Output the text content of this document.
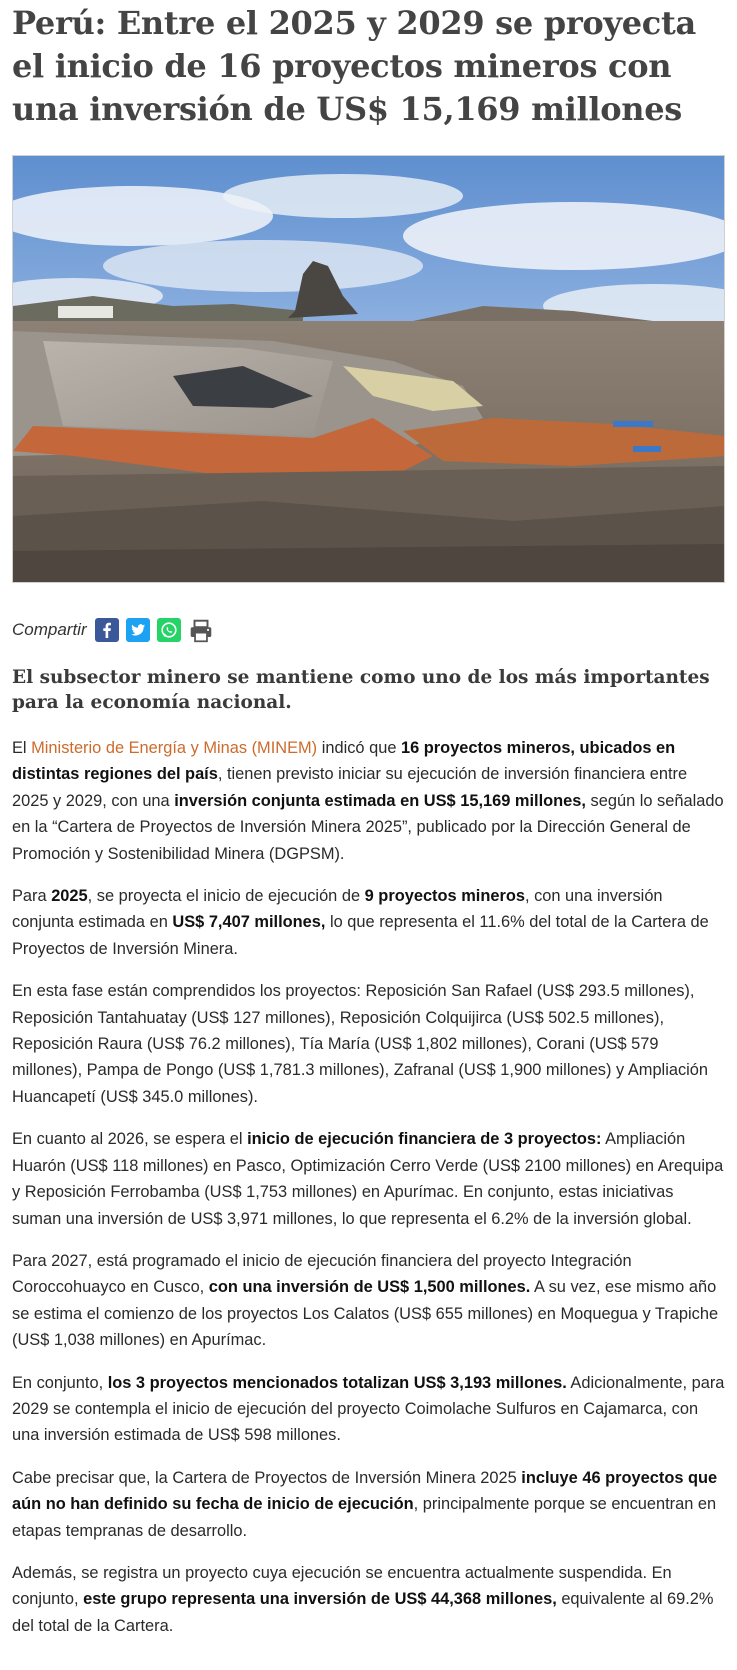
Perú: Entre el 2025 y 2029 se proyecta el inicio de 16 proyectos mineros con una inversión de US$ 15,169 millones
Compartir
El subsector minero se mantiene como uno de los más importantes para la economía nacional.

El Ministerio de Energía y Minas (MINEM) indicó que 16 proyectos mineros, ubicados en distintas regiones del país, tienen previsto iniciar su ejecución de inversión financiera entre 2025 y 2029, con una inversión conjunta estimada en US$ 15,169 millones, según lo señalado en la “Cartera de Proyectos de Inversión Minera 2025”, publicado por la Dirección General de Promoción y Sostenibilidad Minera (DGPSM).

Para 2025, se proyecta el inicio de ejecución de 9 proyectos mineros, con una inversión conjunta estimada en US$ 7,407 millones, lo que representa el 11.6% del total de la Cartera de Proyectos de Inversión Minera.

En esta fase están comprendidos los proyectos: Reposición San Rafael (US$ 293.5 millones), Reposición Tantahuatay (US$ 127 millones), Reposición Colquijirca (US$ 502.5 millones), Reposición Raura (US$ 76.2 millones), Tía María (US$ 1,802 millones), Corani (US$ 579 millones), Pampa de Pongo (US$ 1,781.3 millones), Zafranal (US$ 1,900 millones) y Ampliación Huancapetí (US$ 345.0 millones).

En cuanto al 2026, se espera el inicio de ejecución financiera de 3 proyectos: Ampliación Huarón (US$ 118 millones) en Pasco, Optimización Cerro Verde (US$ 2100 millones) en Arequipa y Reposición Ferrobamba (US$ 1,753 millones) en Apurímac. En conjunto, estas iniciativas suman una inversión de US$ 3,971 millones, lo que representa el 6.2% de la inversión global.

Para 2027, está programado el inicio de ejecución financiera del proyecto Integración Coroccohuayco en Cusco, con una inversión de US$ 1,500 millones. A su vez, ese mismo año se estima el comienzo de los proyectos Los Calatos (US$ 655 millones) en Moquegua y Trapiche (US$ 1,038 millones) en Apurímac.

En conjunto, los 3 proyectos mencionados totalizan US$ 3,193 millones. Adicionalmente, para 2029 se contempla el inicio de ejecución del proyecto Coimolache Sulfuros en Cajamarca, con una inversión estimada de US$ 598 millones.

Cabe precisar que, la Cartera de Proyectos de Inversión Minera 2025 incluye 46 proyectos que aún no han definido su fecha de inicio de ejecución, principalmente porque se encuentran en etapas tempranas de desarrollo.

Además, se registra un proyecto cuya ejecución se encuentra actualmente suspendida. En conjunto, este grupo representa una inversión de US$ 44,368 millones, equivalente al 69.2% del total de la Cartera.
